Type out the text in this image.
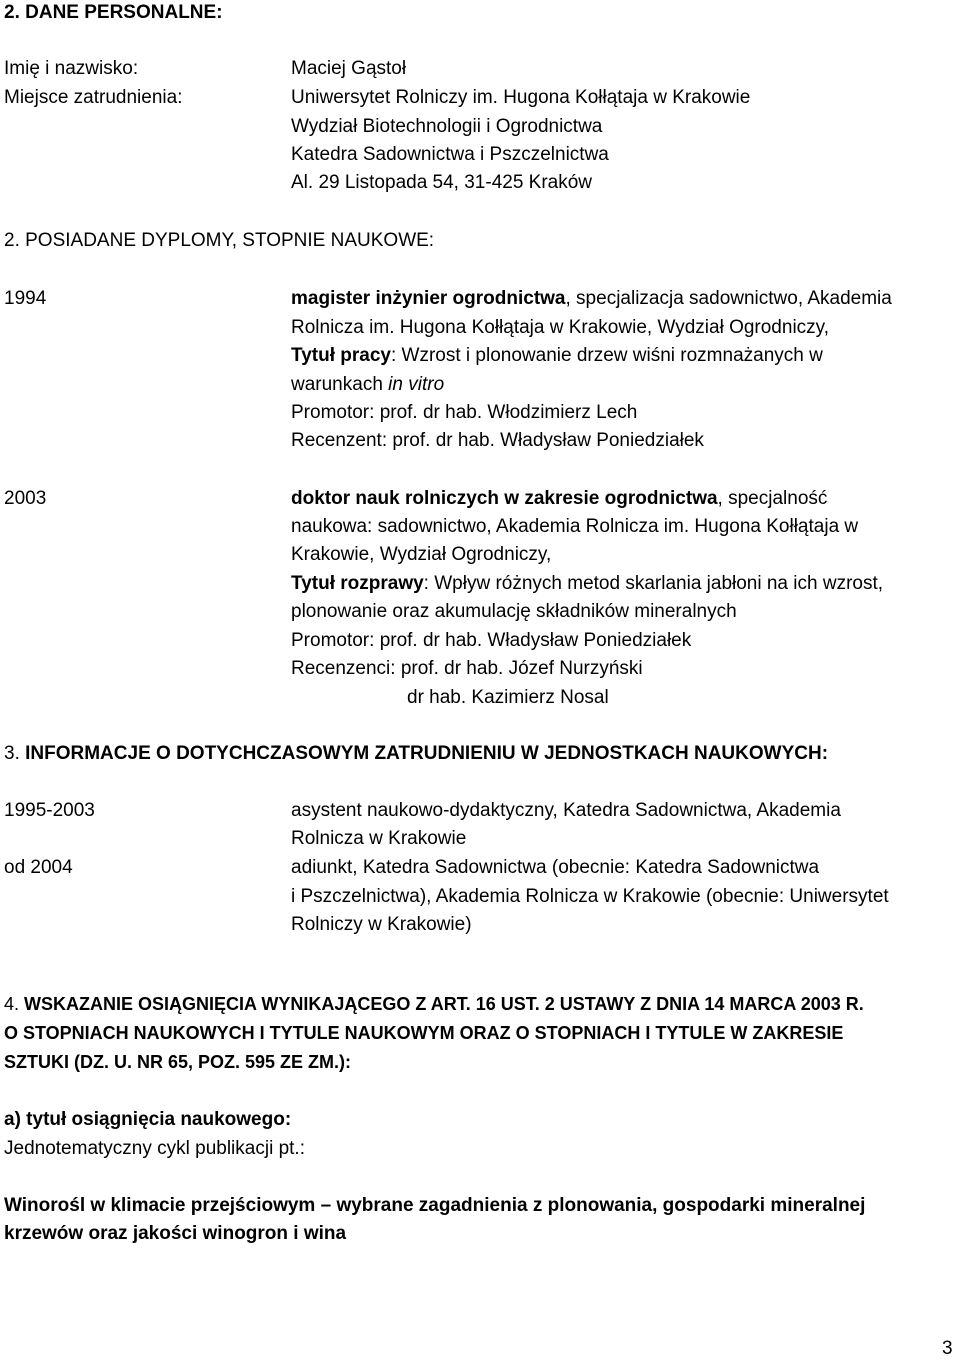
2. DANE PERSONALNE:
Imię i nazwisko:	Maciej Gąstoł
Miejsce zatrudnienia:	Uniwersytet Rolniczy im. Hugona Kołłątaja w Krakowie
Wydział Biotechnologii i Ogrodnictwa
Katedra Sadownictwa i Pszczelnictwa
Al. 29 Listopada 54, 31-425 Kraków
2. POSIADANE DYPLOMY, STOPNIE NAUKOWE:
1994	magister inżynier ogrodnictwa, specjalizacja sadownictwo, Akademia
Rolnicza im. Hugona Kołłątaja w Krakowie, Wydział Ogrodniczy,
Tytuł pracy: Wzrost i plonowanie drzew wiśni rozmnażanych w
warunkach in vitro
Promotor: prof. dr hab. Włodzimierz Lech
Recenzent: prof. dr hab. Władysław Poniedziałek
2003	doktor nauk rolniczych w zakresie ogrodnictwa, specjalność
naukowa: sadownictwo, Akademia Rolnicza im. Hugona Kołłątaja w
Krakowie, Wydział Ogrodniczy,
Tytuł rozprawy: Wpływ różnych metod skarlania jabłoni na ich wzrost,
plonowanie oraz akumulację składników mineralnych
Promotor: prof. dr hab. Władysław Poniedziałek
Recenzenci: prof. dr hab. Józef Nurzyński
dr hab. Kazimierz Nosal
3. INFORMACJE O DOTYCHCZASOWYM ZATRUDNIENIU W JEDNOSTKACH NAUKOWYCH:
1995-2003	asystent naukowo-dydaktyczny, Katedra Sadownictwa, Akademia
Rolnicza w Krakowie
od 2004	adiunkt, Katedra Sadownictwa (obecnie: Katedra Sadownictwa
i Pszczelnictwa), Akademia Rolnicza w Krakowie (obecnie: Uniwersytet
Rolniczy w Krakowie)
4. WSKAZANIE OSIĄGNIĘCIA WYNIKAJĄCEGO Z ART. 16 UST. 2 USTAWY Z DNIA 14 MARCA 2003 R.
O STOPNIACH NAUKOWYCH I TYTULE NAUKOWYM ORAZ O STOPNIACH I TYTULE W ZAKRESIE
SZTUKI (DZ. U. NR 65, POZ. 595 ZE ZM.):
a) tytuł osiągnięcia naukowego:
Jednotematyczny cykl publikacji pt.:
Winorośl w klimacie przejściowym – wybrane zagadnienia z plonowania, gospodarki mineralnej
krzewów oraz jakości winogron i wina
3
